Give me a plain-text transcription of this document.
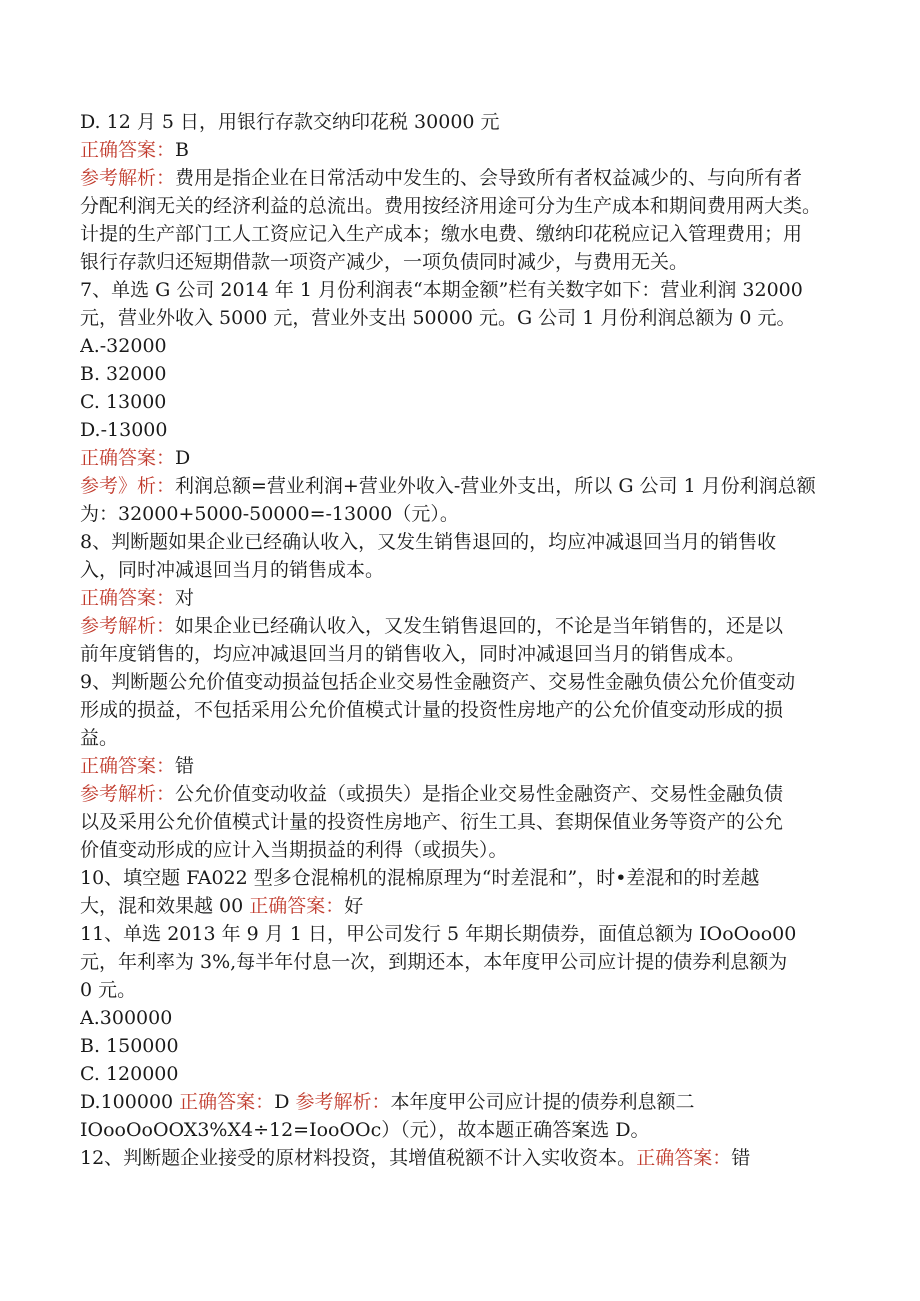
D. 12 月 5 日，用银行存款交纳印花税 30000 元
正确答案：B
参考解析：费用是指企业在日常活动中发生的、会导致所有者权益减少的、与向所有者
分配利润无关的经济利益的总流出。费用按经济用途可分为生产成本和期间费用两大类。
计提的生产部门工人工资应记入生产成本；缴水电费、缴纳印花税应记入管理费用；用
银行存款归还短期借款一项资产减少，一项负债同时减少，与费用无关。
7、单选 G 公司 2014 年 1 月份利润表“本期金额”栏有关数字如下：营业利润 32000
元，营业外收入 5000 元，营业外支出 50000 元。G 公司 1 月份利润总额为 0 元。
A.-32000
B. 32000
C. 13000
D.-13000
正确答案：D
参考》析：利润总额=营业利润+营业外收入-营业外支出，所以 G 公司 1 月份利润总额
为：32000+5000-50000=-13000（元）。
8、判断题如果企业已经确认收入，又发生销售退回的，均应冲减退回当月的销售收
入，同时冲减退回当月的销售成本。
正确答案：对
参考解析：如果企业已经确认收入，又发生销售退回的，不论是当年销售的，还是以
前年度销售的，均应冲减退回当月的销售收入，同时冲减退回当月的销售成本。
9、判断题公允价值变动损益包括企业交易性金融资产、交易性金融负债公允价值变动
形成的损益，不包括采用公允价值模式计量的投资性房地产的公允价值变动形成的损
益。
正确答案：错
参考解析：公允价值变动收益（或损失）是指企业交易性金融资产、交易性金融负债
以及采用公允价值模式计量的投资性房地产、衍生工具、套期保值业务等资产的公允
价值变动形成的应计入当期损益的利得（或损失）。
10、填空题 FA022 型多仓混棉机的混棉原理为“时差混和”，时•差混和的时差越
大，混和效果越 00 正确答案：好
11、单选 2013 年 9 月 1 日，甲公司发行 5 年期长期债券，面值总额为 IOoOoo00
元，年利率为 3%,每半年付息一次，到期还本，本年度甲公司应计提的债券利息额为
0 元。
A.300000
B. 150000
C. 120000
D.100000 正确答案：D 参考解析：本年度甲公司应计提的债券利息额二
IOooOoOOX3%X4÷12=IooOOc）（元），故本题正确答案选 D。
12、判断题企业接受的原材料投资，其增值税额不计入实收资本。正确答案：错
